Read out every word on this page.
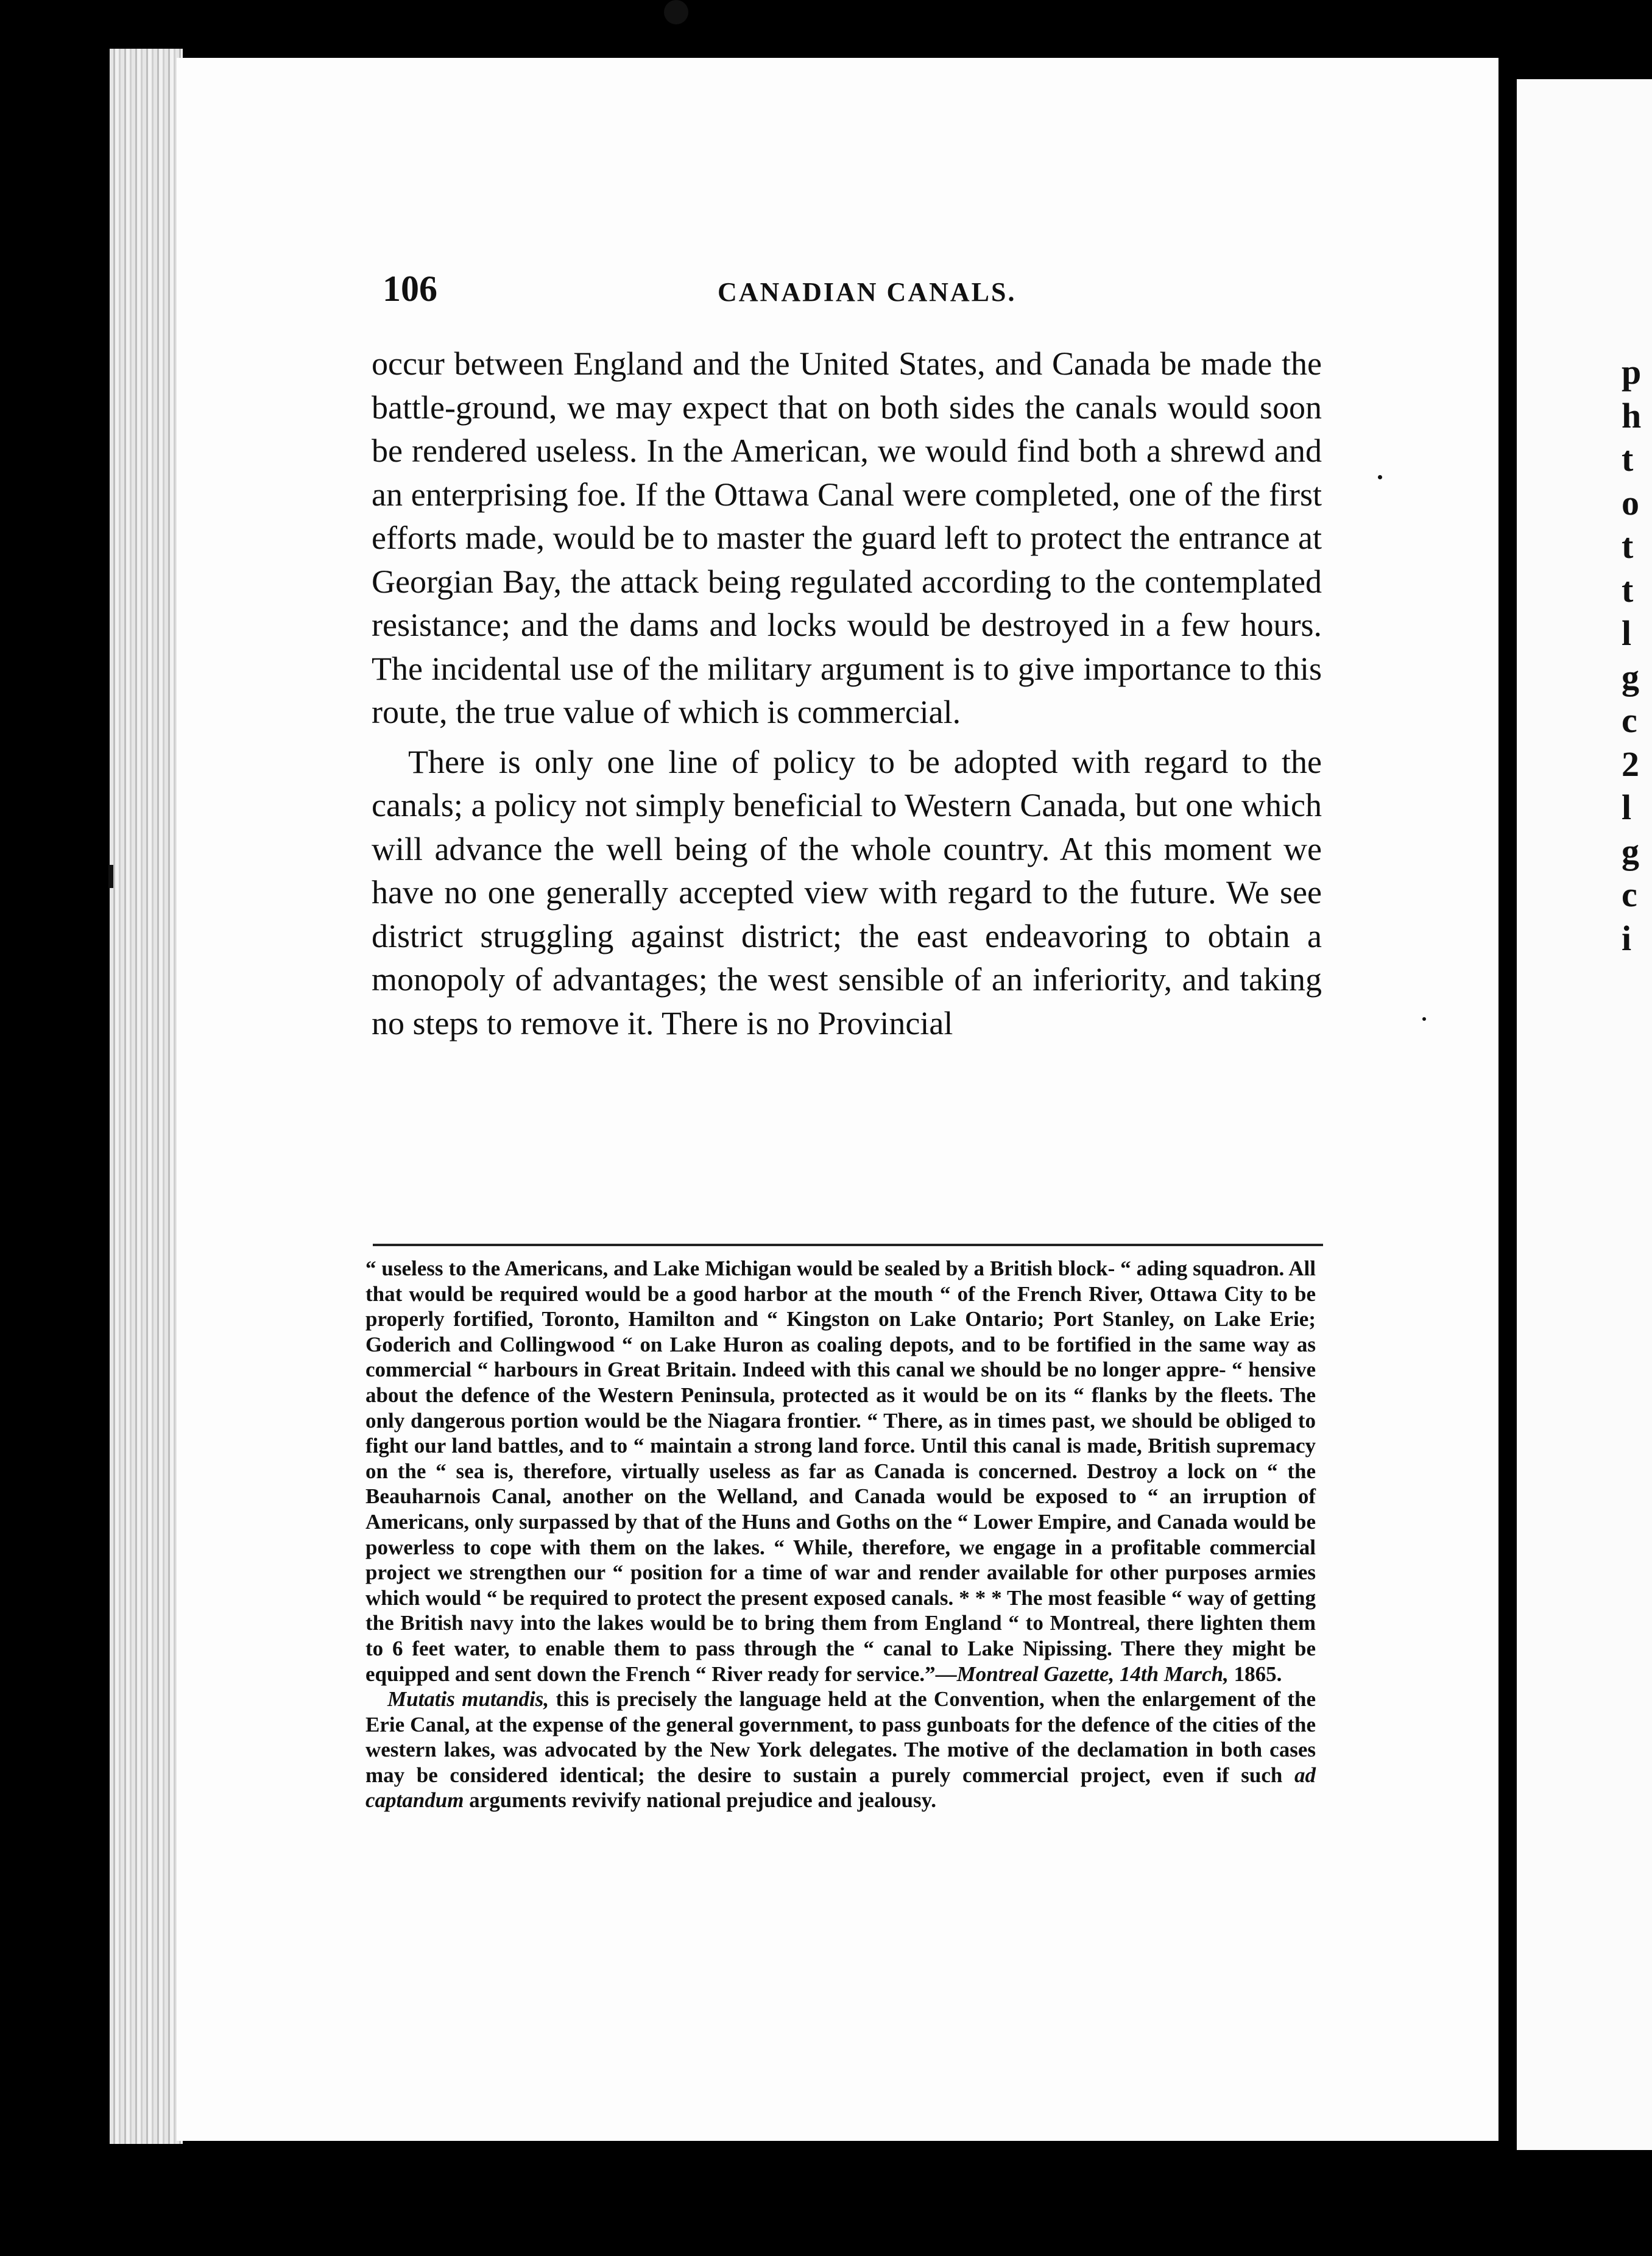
p
h
t
o
t
t
l
g
c
2
l
g
c
i
106	CANADIAN CANALS.

occur between England and the United States, and Canada be made the battle-ground, we may expect that on both sides the canals would soon be rendered useless. In the American, we would find both a shrewd and an enterprising foe. If the Ottawa Canal were completed, one of the first efforts made, would be to master the guard left to protect the entrance at Georgian Bay, the attack being regulated according to the contemplated resistance; and the dams and locks would be destroyed in a few hours. The incidental use of the military argument is to give importance to this route, the true value of which is commercial.

There is only one line of policy to be adopted with regard to the canals; a policy not simply beneficial to Western Canada, but one which will advance the well being of the whole country. At this moment we have no one generally accepted view with regard to the future. We see district struggling against district; the east endeavoring to obtain a monopoly of advantages; the west sensible of an inferiority, and taking no steps to remove it. There is no Provincial

“ useless to the Americans, and Lake Michigan would be sealed by a British block- “ ading squadron. All that would be required would be a good harbor at the mouth “ of the French River, Ottawa City to be properly fortified, Toronto, Hamilton and “ Kingston on Lake Ontario; Port Stanley, on Lake Erie; Goderich and Collingwood “ on Lake Huron as coaling depots, and to be fortified in the same way as commercial “ harbours in Great Britain. Indeed with this canal we should be no longer appre- “ hensive about the defence of the Western Peninsula, protected as it would be on its “ flanks by the fleets. The only dangerous portion would be the Niagara frontier. “ There, as in times past, we should be obliged to fight our land battles, and to “ maintain a strong land force. Until this canal is made, British supremacy on the “ sea is, therefore, virtually useless as far as Canada is concerned. Destroy a lock on “ the Beauharnois Canal, another on the Welland, and Canada would be exposed to “ an irruption of Americans, only surpassed by that of the Huns and Goths on the “ Lower Empire, and Canada would be powerless to cope with them on the lakes. “ While, therefore, we engage in a profitable commercial project we strengthen our “ position for a time of war and render available for other purposes armies which would “ be required to protect the present exposed canals. * * * The most feasible “ way of getting the British navy into the lakes would be to bring them from England “ to Montreal, there lighten them to 6 feet water, to enable them to pass through the “ canal to Lake Nipissing. There they might be equipped and sent down the French “ River ready for service.”—Montreal Gazette, 14th March, 1865.

Mutatis mutandis, this is precisely the language held at the Convention, when the enlargement of the Erie Canal, at the expense of the general government, to pass gunboats for the defence of the cities of the western lakes, was advocated by the New York delegates. The motive of the declamation in both cases may be considered identical; the desire to sustain a purely commercial project, even if such ad captandum arguments revivify national prejudice and jealousy.
